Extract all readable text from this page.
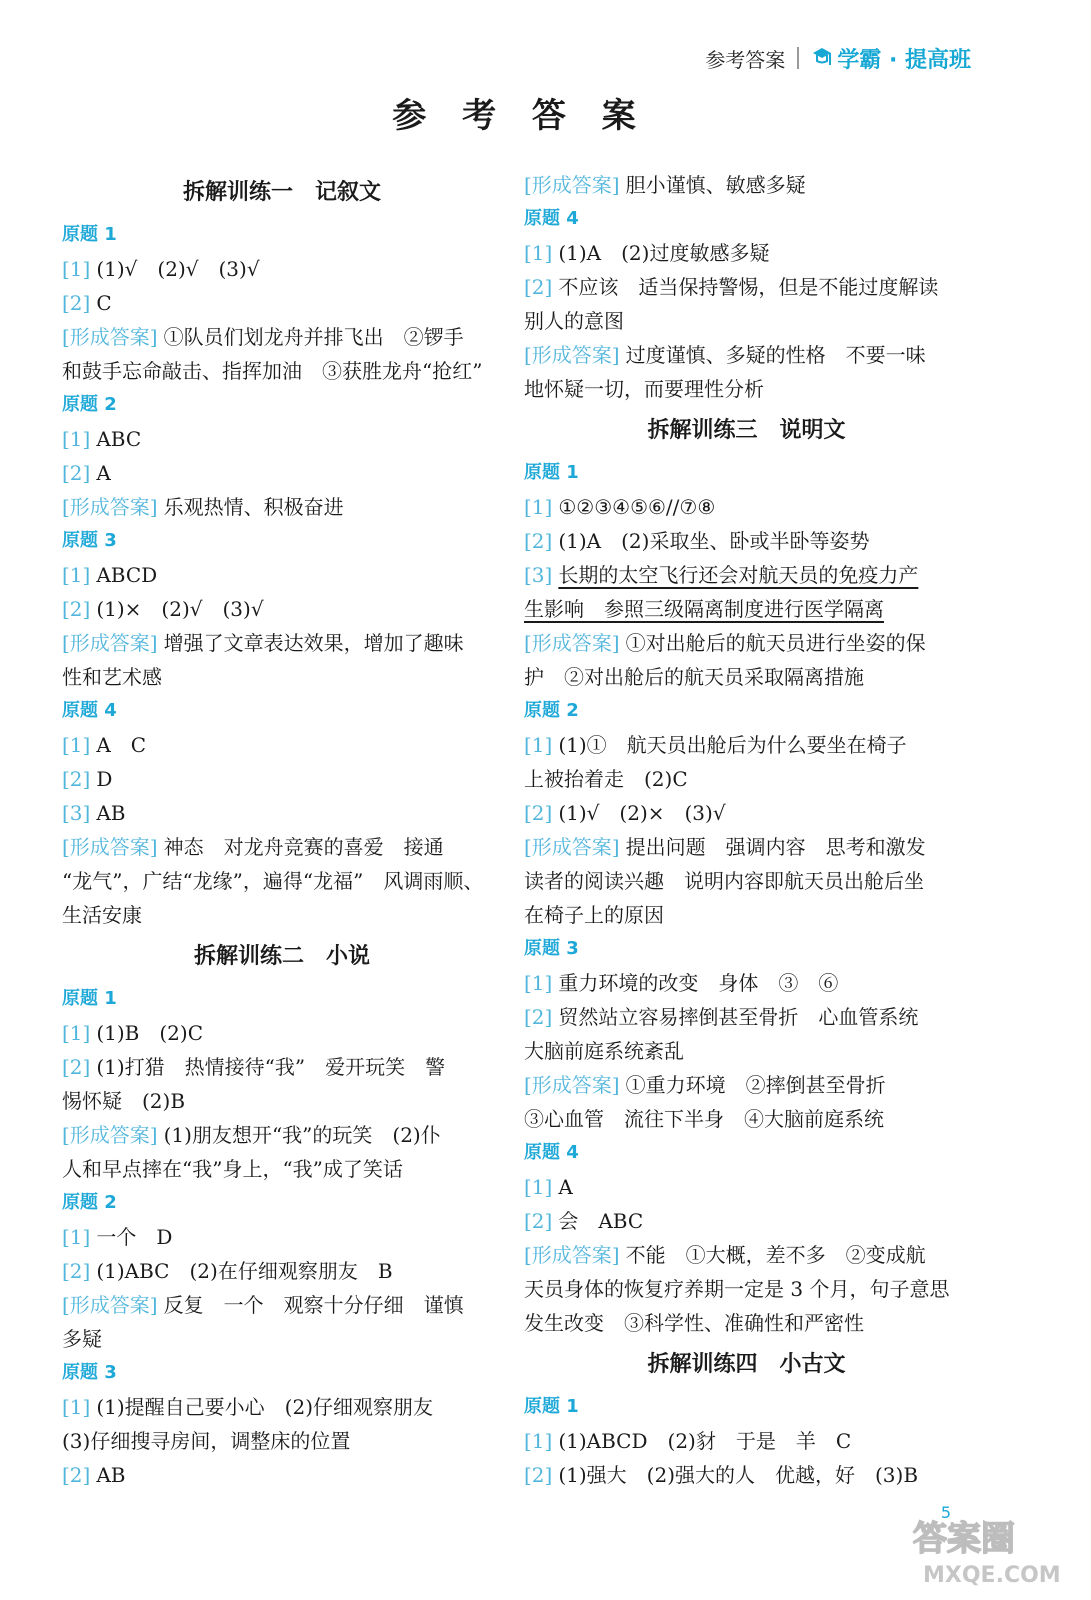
参考答案 学霸 · 提高班
参 考 答 案
拆解训练一　记叙文
原题 1
[1] (1)√　(2)√　(3)√
[2] C
[形成答案] ①队员们划龙舟并排飞出　②锣手
和鼓手忘命敲击、指挥加油　③获胜龙舟“抢红”
原题 2
[1] ABC
[2] A
[形成答案] 乐观热情、积极奋进
原题 3
[1] ABCD
[2] (1)×　(2)√　(3)√
[形成答案] 增强了文章表达效果，增加了趣味
性和艺术感
原题 4
[1] A　C
[2] D
[3] AB
[形成答案] 神态　对龙舟竞赛的喜爱　接通
“龙气”，广结“龙缘”，遍得“龙福”　风调雨顺、
生活安康
拆解训练二　小说
原题 1
[1] (1)B　(2)C
[2] (1)打猎　热情接待“我”　爱开玩笑　警
惕怀疑　(2)B
[形成答案] (1)朋友想开“我”的玩笑　(2)仆
人和早点摔在“我”身上，“我”成了笑话
原题 2
[1] 一个　D
[2] (1)ABC　(2)在仔细观察朋友　B
[形成答案] 反复　一个　观察十分仔细　谨慎
多疑
原题 3
[1] (1)提醒自己要小心　(2)仔细观察朋友
(3)仔细搜寻房间，调整床的位置
[2] AB
[形成答案] 胆小谨慎、敏感多疑
原题 4
[1] (1)A　(2)过度敏感多疑
[2] 不应该　适当保持警惕，但是不能过度解读
别人的意图
[形成答案] 过度谨慎、多疑的性格　不要一味
地怀疑一切，而要理性分析
拆解训练三　说明文
原题 1
[1] ①②③④⑤⑥//⑦⑧
[2] (1)A　(2)采取坐、卧或半卧等姿势
[3] 长期的太空飞行还会对航天员的免疫力产
生影响　参照三级隔离制度进行医学隔离
[形成答案] ①对出舱后的航天员进行坐姿的保
护　②对出舱后的航天员采取隔离措施
原题 2
[1] (1)①　航天员出舱后为什么要坐在椅子
上被抬着走　(2)C
[2] (1)√　(2)×　(3)√
[形成答案] 提出问题　强调内容　思考和激发
读者的阅读兴趣　说明内容即航天员出舱后坐
在椅子上的原因
原题 3
[1] 重力环境的改变　身体　③　⑥
[2] 贸然站立容易摔倒甚至骨折　心血管系统
大脑前庭系统紊乱
[形成答案] ①重力环境　②摔倒甚至骨折
③心血管　流往下半身　④大脑前庭系统
原题 4
[1] A
[2] 会　ABC
[形成答案] 不能　①大概，差不多　②变成航
天员身体的恢复疗养期一定是 3 个月，句子意思
发生改变　③科学性、准确性和严密性
拆解训练四　小古文
原题 1
[1] (1)ABCD　(2)豺　于是　羊　C
[2] (1)强大　(2)强大的人　优越，好　(3)B
5
答案圈
MXQE.COM
